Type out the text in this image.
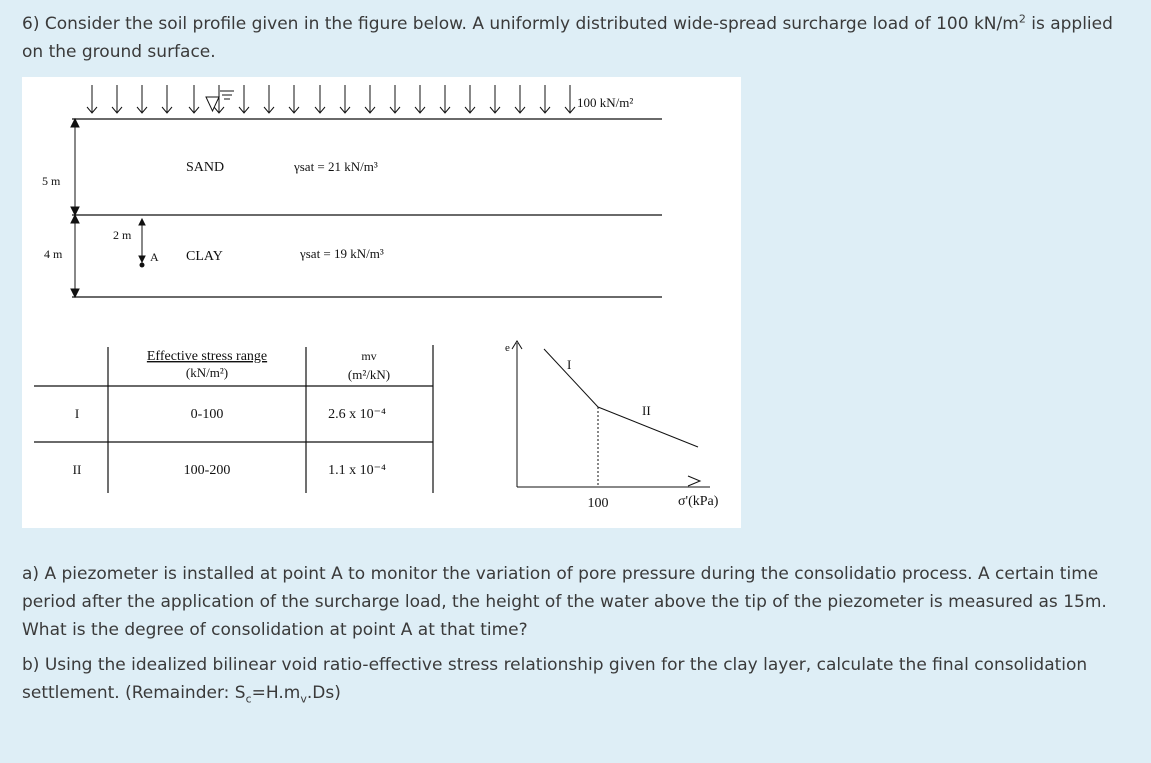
6) Consider the soil profile given in the figure below. A uniformly distributed wide-spread surcharge load of 100 $kN/m^2$ is applied on the ground surface.
100 kN/m²
5 m
4 m
2 m
A
SAND	γsat = 21 kN/m³
CLAY	γsat = 19 kN/m³
Effective stress range
(kN/m²)
mv
(m²/kN)
I	0-100	2.6 x 10⁻⁴
II	100-200	1.1 x 10⁻⁴
e
I
II
100	σ'(kPa)
a) A piezometer is installed at point A to monitor the variation of pore pressure during the consolidatio process. A certain time period after the application of the surcharge load, the height of the water above the tip of the piezometer is measured as 15m. What is the degree of consolidation at point A at that time?
b) Using the idealized bilinear void ratio-effective stress relationship given for the clay layer, calculate the final consolidation settlement. (Remainder: $S_c=H.m_v.Ds$)
